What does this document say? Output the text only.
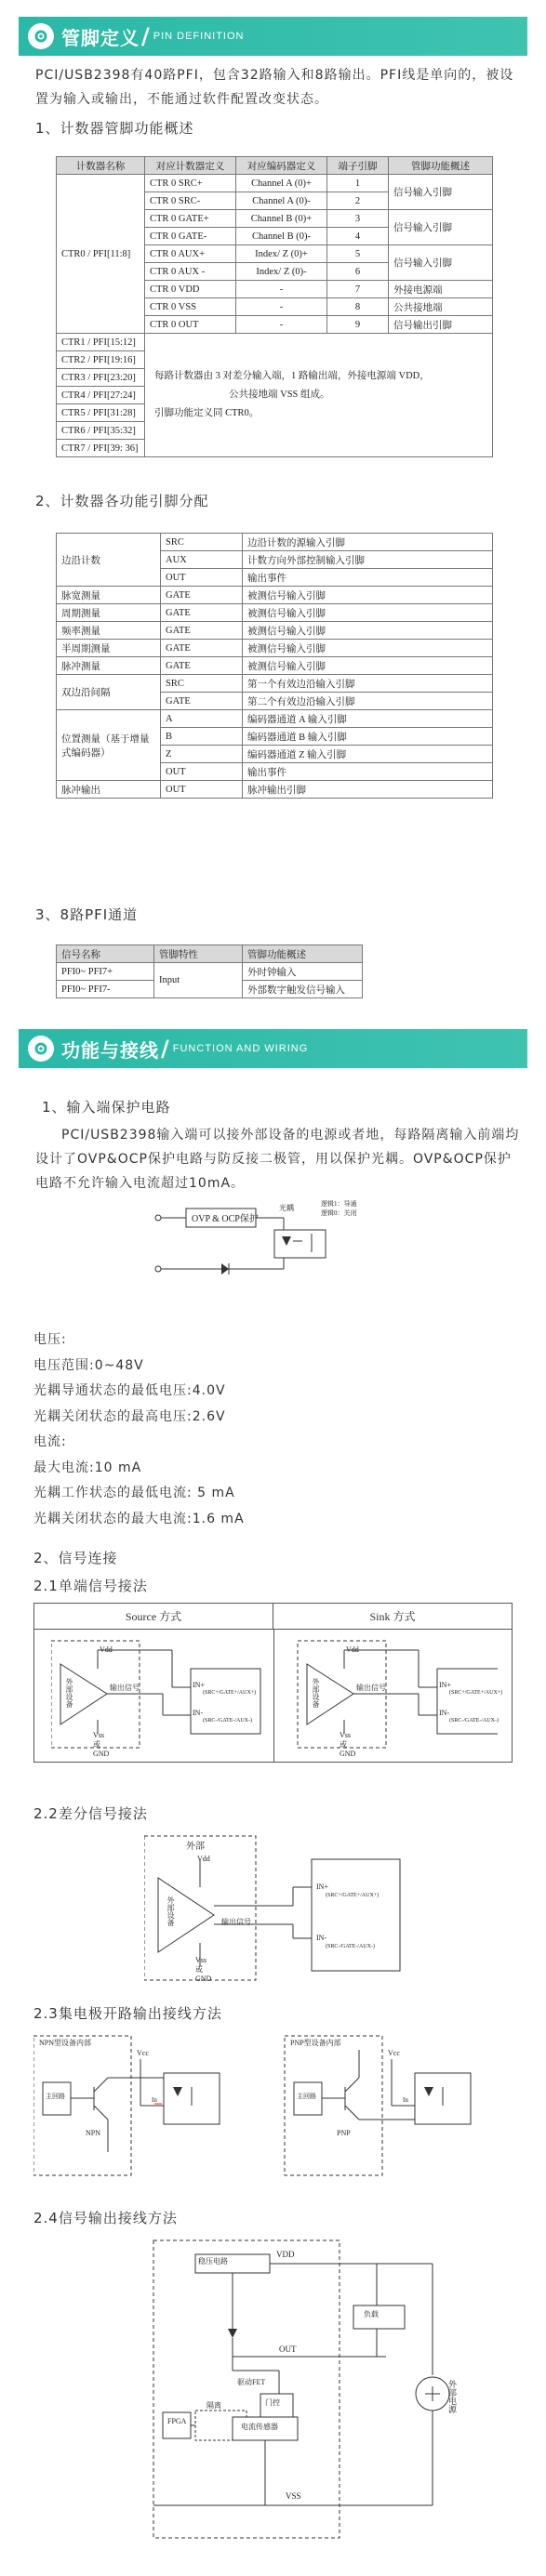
管脚定义 / PIN DEFINITION
PCI/USB2398有40路PFI，包含32路输入和8路输出。PFI线是单向的，被设置为输入或输出，不能通过软件配置改变状态。
1、计数器管脚功能概述
计数器名称	对应计数器定义	对应编码器定义	端子引脚	管脚功能概述
CTR0 / PFI[11:8]	CTR 0 SRC+	Channel A (0)+	1	信号输入引脚
	CTR 0 SRC-	Channel A (0)-	2	
	CTR 0 GATE+	Channel B (0)+	3	信号输入引脚
	CTR 0 GATE-	Channel B (0)-	4	
	CTR 0 AUX+	Index/ Z (0)+	5	信号输入引脚
	CTR 0 AUX -	Index/ Z (0)-	6	
	CTR 0 VDD	-	7	外接电源端
	CTR 0 VSS	-	8	公共接地端
	CTR 0 OUT	-	9	信号输出引脚
CTR1 / PFI[15:12]	每路计数器由 3 对差分输入端，1 路输出端，外接电源端 VDD，
公共接地端 VSS 组成。
引脚功能定义同 CTR0。			

CTR2 / PFI[19:16]				
CTR3 / PFI[23:20]				
CTR4 / PFI[27:24]				
CTR5 / PFI[31:28]				
CTR6 / PFI[35:32]				
CTR7 / PFI[39: 36]				
2、计数器各功能引脚分配
边沿计数	SRC	边沿计数的源输入引脚
	AUX	计数方向外部控制输入引脚
	OUT	输出事件
脉宽测量	GATE	被测信号输入引脚
周期测量	GATE	被测信号输入引脚
频率测量	GATE	被测信号输入引脚
半周期测量	GATE	被测信号输入引脚
脉冲测量	GATE	被测信号输入引脚
双边沿间隔	SRC	第一个有效边沿输入引脚
	GATE	第二个有效边沿输入引脚
位置测量（基于增量式编码器）	A	编码器通道 A 输入引脚
	B	编码器通道 B 输入引脚
	Z	编码器通道 Z 输入引脚
	OUT	输出事件
脉冲输出	OUT	脉冲输出引脚
3、8路PFI通道
信号名称	管脚特性	管脚功能概述
PFI0~ PFI7+	Input	外时钟输入
PFI0~ PFI7-		外部数字触发信号输入
功能与接线 / FUNCTION AND WIRING
1、输入端保护电路
PCI/USB2398输入端可以接外部设备的电源或者地，每路隔离输入前端均设计了OVP&OCP保护电路与防反接二极管，用以保护光耦。OVP&OCP保护电路不允许输入电流超过10mA。
OVP & OCP保护
光耦	逻辑1：导通
逻辑0：关闭
电压:
电压范围:0~48V
光耦导通状态的最低电压:4.0V
光耦关闭状态的最高电压:2.6V
电流:
最大电流:10 mA
光耦工作状态的最低电流: 5 mA
光耦关闭状态的最大电流:1.6 mA
2、信号连接
2.1单端信号接法
Source 方式	Sink 方式
Vdd
外部设备	输出信号
Vss或GND
IN+
IN-
(SRC+/GATE+/AUX+)
(SRC-/GATE-/AUX-)
Vdd
外部设备	输出信号
Vss或GND
IN+
IN-
(SRC+/GATE+/AUX+)
(SRC-/GATE-/AUX-)
2.2差分信号接法
外部
Vdd
外部设备	输出信号
Vss或GND
IN+
IN-
(SRC+/GATE+/AUX+)
(SRC-/GATE-/AUX-)
2.3集电极开路输出接线方法
NPN型设备内部
主回路
NPN
Vcc
In
PNP型设备内部
主回路
PNP
Vcc
In
2.4信号输出接线方法
稳压电路
VDD
负载
OUT
VSS
FPGA
隔离	门控
电流传感器
驱动FET	外部电源
